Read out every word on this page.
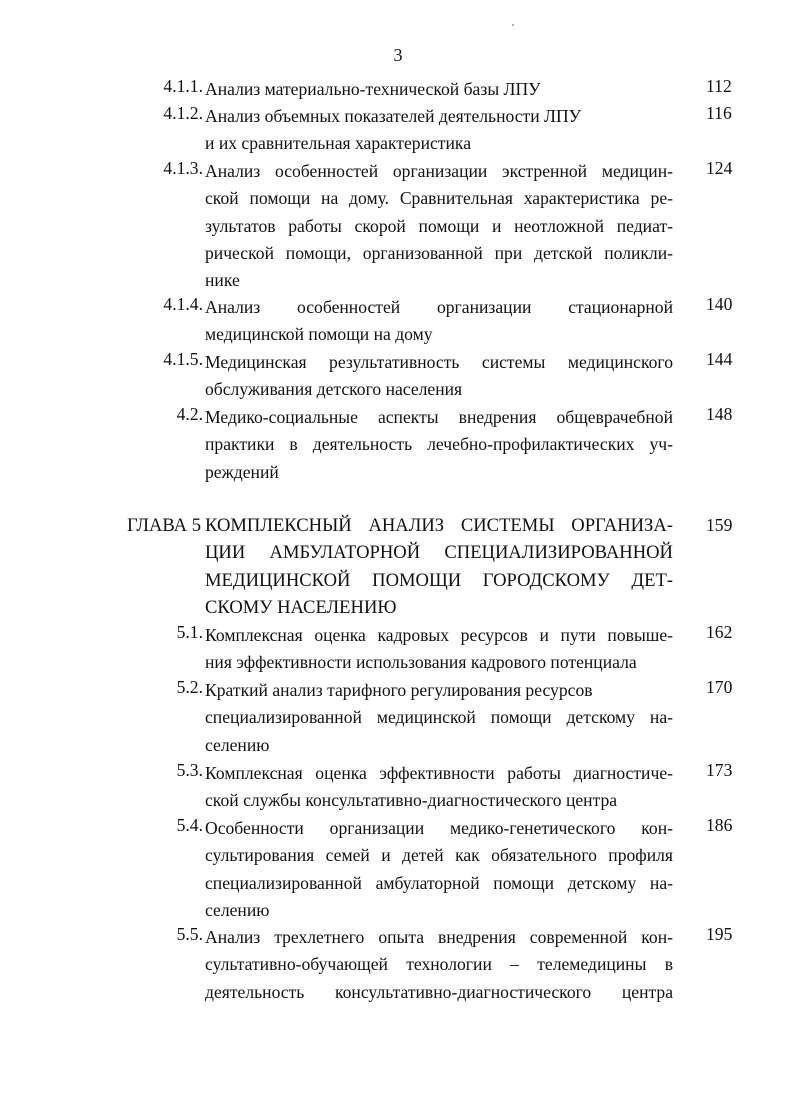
3
4.1.1. Анализ материально-технической базы ЛПУ	112
4.1.2. Анализ объемных показателей деятельности ЛПУ
и их сравнительная характеристика
116
4.1.3. Анализ особенностей организации экстренной медицин-
ской помощи на дому. Сравнительная характеристика ре-
зультатов работы скорой помощи и неотложной педиат-
рической помощи, организованной при детской поликли-
нике
124
4.1.4. Анализ особенностей организации стационарной
медицинской помощи на дому
140
4.1.5. Медицинская результативность системы медицинского
обслуживания детского населения
144
4.2. Медико-социальные аспекты внедрения общеврачебной
практики в деятельность лечебно-профилактических уч-
реждений
148
ГЛАВА 5 КОМПЛЕКСНЫЙ АНАЛИЗ СИСТЕМЫ ОРГАНИЗА-
ЦИИ АМБУЛАТОРНОЙ СПЕЦИАЛИЗИРОВАННОЙ
МЕДИЦИНСКОЙ ПОМОЩИ ГОРОДСКОМУ ДЕТ-
СКОМУ НАСЕЛЕНИЮ
159
5.1. Комплексная оценка кадровых ресурсов и пути повыше-
ния эффективности использования кадрового потенциала
162
5.2. Краткий анализ тарифного регулирования ресурсов
специализированной медицинской помощи детскому на-
селению
170
5.3. Комплексная оценка эффективности работы диагностиче-
ской службы консультативно-диагностического центра
173
5.4. Особенности организации медико-генетического кон-
сультирования семей и детей как обязательного профиля
специализированной амбулаторной помощи детскому на-
селению
186
5.5. Анализ трехлетнего опыта внедрения современной кон-
сультативно-обучающей технологии – телемедицины в
деятельность консультативно-диагностического центра
195
